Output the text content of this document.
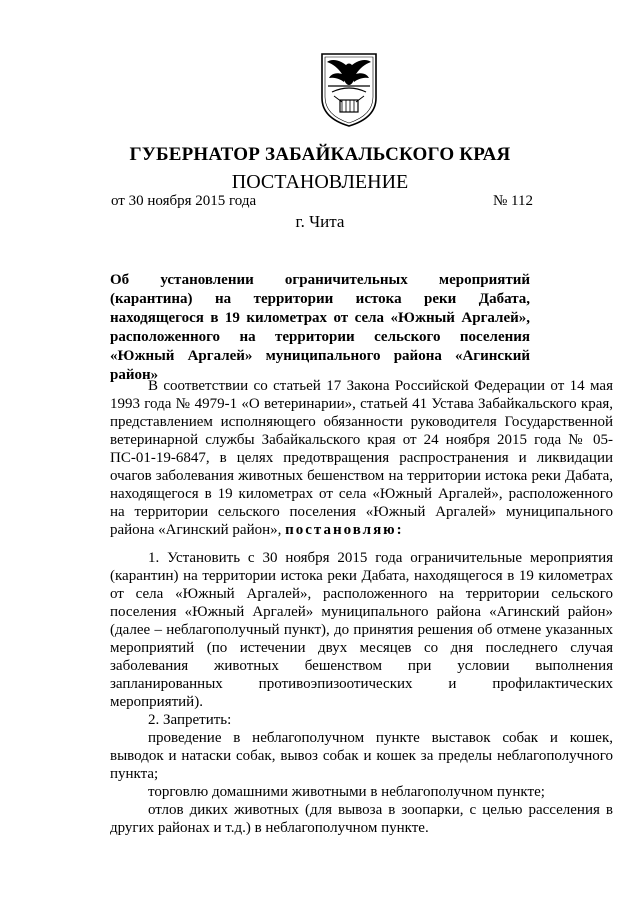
ГУБЕРНАТОР ЗАБАЙКАЛЬСКОГО КРАЯ
ПОСТАНОВЛЕНИЕ
от 30 ноября 2015 года	№ 112
г. Чита
Об установлении ограничительных мероприятий (карантина) на территории истока реки Дабата, находящегося в 19 километрах от села «Южный Аргалей», расположенного на территории сельского поселения «Южный Аргалей» муниципального района «Агинский район»

В соответствии со статьей 17 Закона Российской Федерации от 14 мая 1993 года № 4979-1 «О ветеринарии», статьей 41 Устава Забайкальского края, представлением исполняющего обязанности руководителя Государственной ветеринарной службы Забайкальского края от 24 ноября 2015 года № 05-ПС-01-19-6847, в целях предотвращения распространения и ликвидации очагов заболевания животных бешенством на территории истока реки Дабата, находящегося в 19 километрах от села «Южный Аргалей», расположенного на территории сельского поселения «Южный Аргалей» муниципального района «Агинский район», постановляю:

1. Установить с 30 ноября 2015 года ограничительные мероприятия (карантин) на территории истока реки Дабата, находящегося в 19 километрах от села «Южный Аргалей», расположенного на территории сельского поселения «Южный Аргалей» муниципального района «Агинский район» (далее – неблагополучный пункт), до принятия решения об отмене указанных мероприятий (по истечении двух месяцев со дня последнего случая заболевания животных бешенством при условии выполнения запланированных противоэпизоотических и профилактических мероприятий).

2. Запретить:

проведение в неблагополучном пункте выставок собак и кошек, выводок и натаски собак, вывоз собак и кошек за пределы неблагополучного пункта;

торговлю домашними животными в неблагополучном пункте;

отлов диких животных (для вывоза в зоопарки, с целью расселения в других районах и т.д.) в неблагополучном пункте.
